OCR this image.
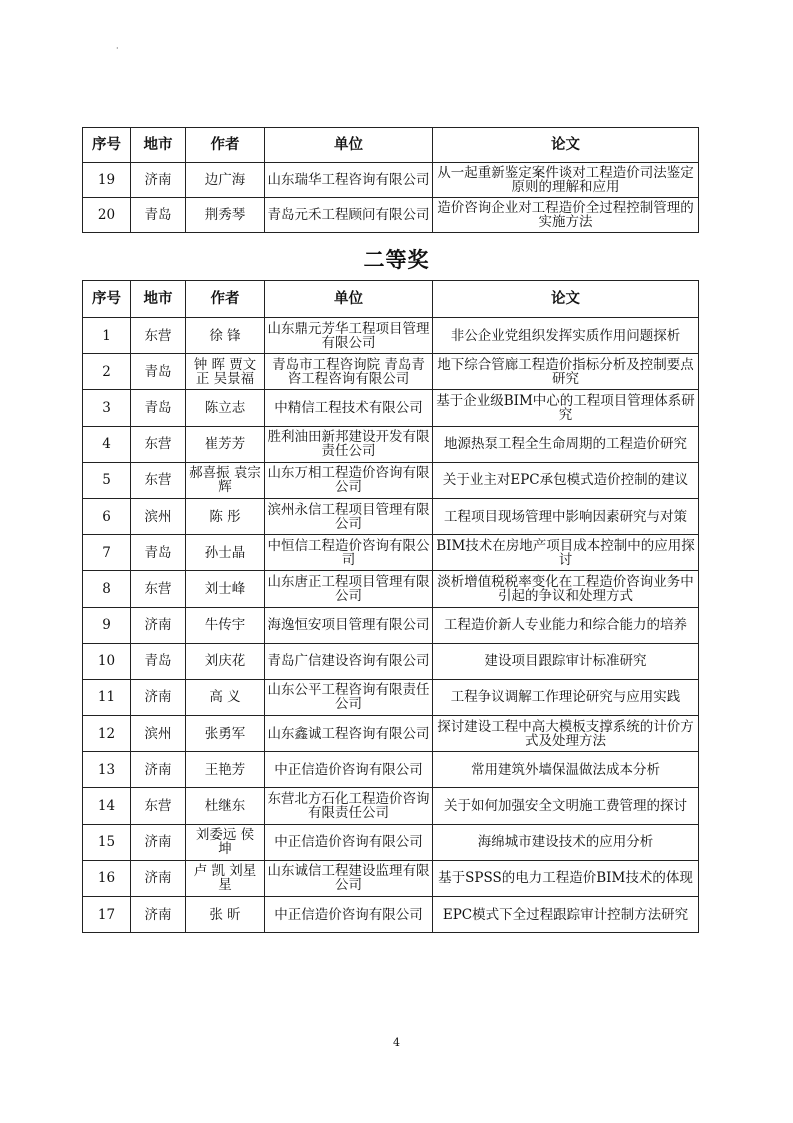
·
序号	地市	作者	单位	论文
19	济南	边广海	山东瑞华工程咨询有限公司	从一起重新鉴定案件谈对工程造价司法鉴定原则的理解和应用
20	青岛	荆秀琴	青岛元禾工程顾问有限公司	造价咨询企业对工程造价全过程控制管理的实施方法
二等奖
序号	地市	作者	单位	论文
1	东营	徐 锋	山东鼎元芳华工程项目管理有限公司	非公企业党组织发挥实质作用问题探析
2	青岛	钟 晖 贾文正 吴景福	青岛市工程咨询院 青岛青咨工程咨询有限公司	地下综合管廊工程造价指标分析及控制要点研究
3	青岛	陈立志	中精信工程技术有限公司	基于企业级BIM中心的工程项目管理体系研究
4	东营	崔芳芳	胜利油田新邦建设开发有限责任公司	地源热泵工程全生命周期的工程造价研究
5	东营	郝喜振 袁宗辉	山东万相工程造价咨询有限公司	关于业主对EPC承包模式造价控制的建议
6	滨州	陈 彤	滨州永信工程项目管理有限公司	工程项目现场管理中影响因素研究与对策
7	青岛	孙士晶	中恒信工程造价咨询有限公司	BIM技术在房地产项目成本控制中的应用探讨
8	东营	刘士峰	山东唐正工程项目管理有限公司	淡析增值税税率变化在工程造价咨询业务中引起的争议和处理方式
9	济南	牛传宇	海逸恒安项目管理有限公司	工程造价新人专业能力和综合能力的培养
10	青岛	刘庆花	青岛广信建设咨询有限公司	建设项目跟踪审计标准研究
11	济南	高 义	山东公平工程咨询有限责任公司	工程争议调解工作理论研究与应用实践
12	滨州	张勇军	山东鑫诚工程咨询有限公司	探讨建设工程中高大模板支撑系统的计价方式及处理方法
13	济南	王艳芳	中正信造价咨询有限公司	常用建筑外墙保温做法成本分析
14	东营	杜继东	东营北方石化工程造价咨询有限责任公司	关于如何加强安全文明施工费管理的探讨
15	济南	刘委远 侯 坤	中正信造价咨询有限公司	海绵城市建设技术的应用分析
16	济南	卢 凯 刘星星	山东诚信工程建设监理有限公司	基于SPSS的电力工程造价BIM技术的体现
17	济南	张 昕	中正信造价咨询有限公司	EPC模式下全过程跟踪审计控制方法研究
4
